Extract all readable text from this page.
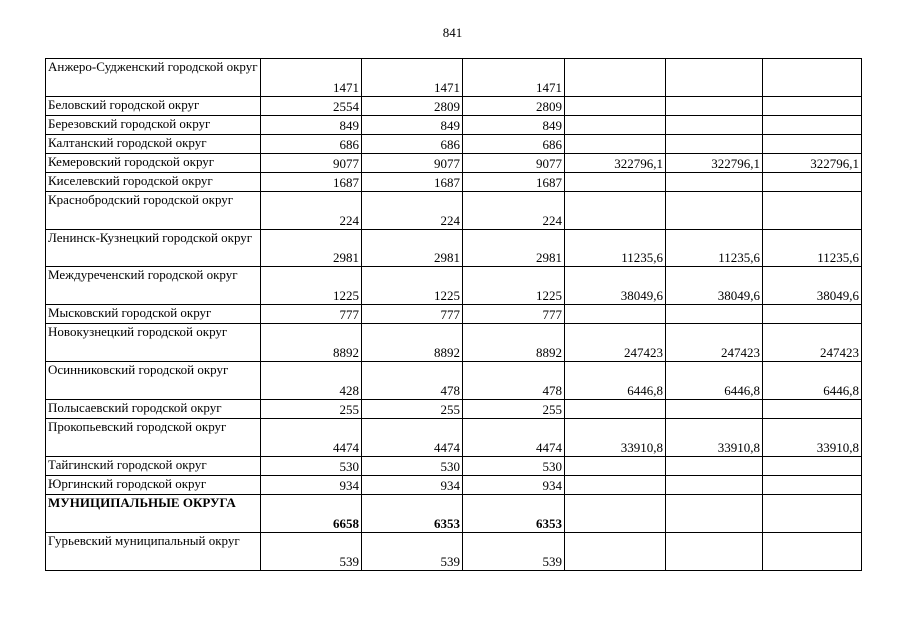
841
Анжеро-Судженский городской округ	1471	1471	1471			
Беловский городской округ	2554	2809	2809			
Березовский городской округ	849	849	849			
Калтанский городской округ	686	686	686			
Кемеровский городской округ	9077	9077	9077	322796,1	322796,1	322796,1
Киселевский городской округ	1687	1687	1687			
Краснобродский городской округ	224	224	224			
Ленинск-Кузнецкий городской округ	2981	2981	2981	11235,6	11235,6	11235,6
Междуреченский городской округ	1225	1225	1225	38049,6	38049,6	38049,6
Мысковский городской округ	777	777	777			
Новокузнецкий городской округ	8892	8892	8892	247423	247423	247423
Осинниковский городской округ	428	478	478	6446,8	6446,8	6446,8
Полысаевский городской округ	255	255	255			
Прокопьевский городской округ	4474	4474	4474	33910,8	33910,8	33910,8
Тайгинский городской округ	530	530	530			
Юргинский городской округ	934	934	934			
МУНИЦИПАЛЬНЫЕ ОКРУГА	6658	6353	6353			
Гурьевский муниципальный округ	539	539	539			
